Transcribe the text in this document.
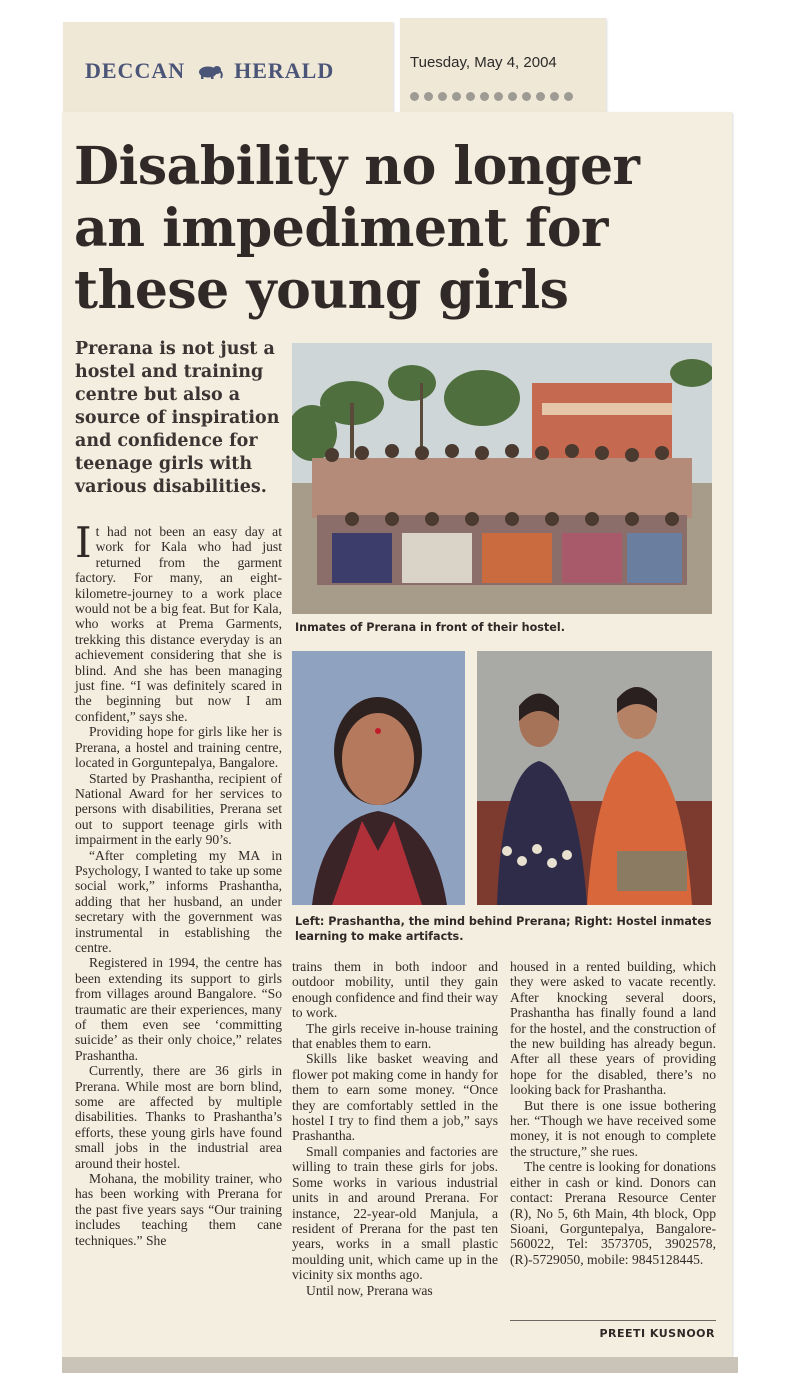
DECCAN HERALD	Tuesday, May 4, 2004
Disability no longer
an impediment for
these young girls
Prerana is not just a
hostel and training
centre but also a
source of inspiration
and confidence for
teenage girls with
various disabilities.
Inmates of Prerana in front of their hostel.
Left: Prashantha, the mind behind Prerana; Right: Hostel inmates learning to make artifacts.

It had not been an easy day at work for Kala who had just returned from the garment factory. For many, an eight-kilometre-journey to a work place would not be a big feat. But for Kala, who works at Prema Garments, trekking this distance everyday is an achievement considering that she is blind. And she has been managing just fine. “I was definitely scared in the beginning but now I am confident,” says she.

Providing hope for girls like her is Prerana, a hostel and training centre, located in Gorguntepalya, Bangalore.

Started by Prashantha, recipient of National Award for her services to persons with disabilities, Prerana set out to support teenage girls with impairment in the early 90’s.

“After completing my MA in Psychology, I wanted to take up some social work,” informs Prashantha, adding that her husband, an under secretary with the government was instrumental in establishing the centre.

Registered in 1994, the centre has been extending its support to girls from villages around Bangalore. “So traumatic are their experiences, many of them even see ‘committing suicide’ as their only choice,” relates Prashantha.

Currently, there are 36 girls in Prerana. While most are born blind, some are affected by multiple disabilities. Thanks to Prashantha’s efforts, these young girls have found small jobs in the industrial area around their hostel.

Mohana, the mobility trainer, who has been working with Prerana for the past five years says “Our training includes teaching them cane techniques.” She

trains them in both indoor and outdoor mobility, until they gain enough confidence and find their way to work.

The girls receive in-house training that enables them to earn.

Skills like basket weaving and flower pot making come in handy for them to earn some money. “Once they are comfortably settled in the hostel I try to find them a job,” says Prashantha.

Small companies and factories are willing to train these girls for jobs. Some works in various industrial units in and around Prerana. For instance, 22-year-old Manjula, a resident of Prerana for the past ten years, works in a small plastic moulding unit, which came up in the vicinity six months ago.

Until now, Prerana was

housed in a rented building, which they were asked to vacate recently. After knocking several doors, Prashantha has finally found a land for the hostel, and the construction of the new building has already begun. After all these years of providing hope for the disabled, there’s no looking back for Prashantha.

But there is one issue bothering her. “Though we have received some money, it is not enough to complete the structure,” she rues.

The centre is looking for donations either in cash or kind. Donors can contact: Prerana Resource Center (R), No 5, 6th Main, 4th block, Opp Sioani, Gorguntepalya, Bangalore-560022, Tel: 3573705, 3902578, (R)-5729050, mobile: 9845128445.

PREETI KUSNOOR
